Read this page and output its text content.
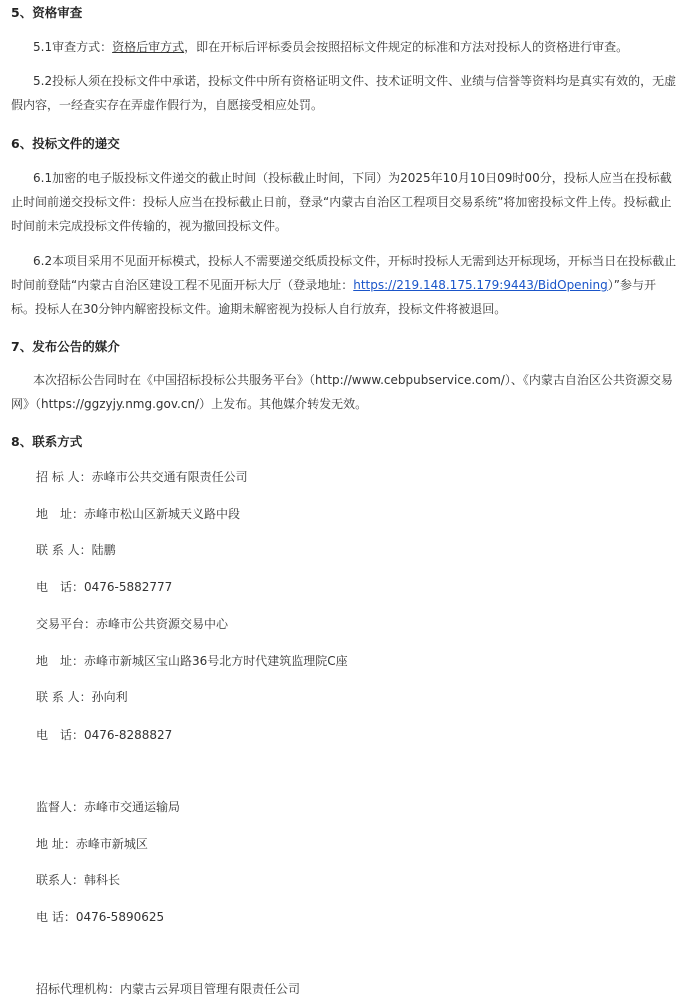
5、资格审查

5.1审查方式：资格后审方式，即在开标后评标委员会按照招标文件规定的标准和方法对投标人的资格进行审查。

5.2投标人须在投标文件中承诺，投标文件中所有资格证明文件、技术证明文件、业绩与信誉等资料均是真实有效的，无虚假内容，一经查实存在弄虚作假行为，自愿接受相应处罚。

6、投标文件的递交

6.1加密的电子版投标文件递交的截止时间（投标截止时间，下同）为2025年10月10日09时00分，投标人应当在投标截止时间前递交投标文件：投标人应当在投标截止日前，登录“内蒙古自治区工程项目交易系统”将加密投标文件上传。投标截止时间前未完成投标文件传输的，视为撤回投标文件。

6.2本项目采用不见面开标模式，投标人不需要递交纸质投标文件，开标时投标人无需到达开标现场，开标当日在投标截止时间前登陆“内蒙古自治区建设工程不见面开标大厅（登录地址：https://219.148.175.179:9443/BidOpening）”参与开标。投标人在30分钟内解密投标文件。逾期未解密视为投标人自行放弃，投标文件将被退回。

7、发布公告的媒介

本次招标公告同时在《中国招标投标公共服务平台》（http://www.cebpubservice.com/）、《内蒙古自治区公共资源交易网》（https://ggzyjy.nmg.gov.cn/）上发布。其他媒介转发无效。

8、联系方式
招 标 人：赤峰市公共交通有限责任公司
地　址：赤峰市松山区新城天义路中段
联 系 人：陆鹏
电　话：0476-5882777
交易平台：赤峰市公共资源交易中心
地　址：赤峰市新城区宝山路36号北方时代建筑监理院C座
联 系 人：孙向利
电　话：0476-8288827
监督人：赤峰市交通运输局
地 址：赤峰市新城区
联系人：韩科长
电 话：0476-5890625
招标代理机构：内蒙古云昇项目管理有限责任公司
